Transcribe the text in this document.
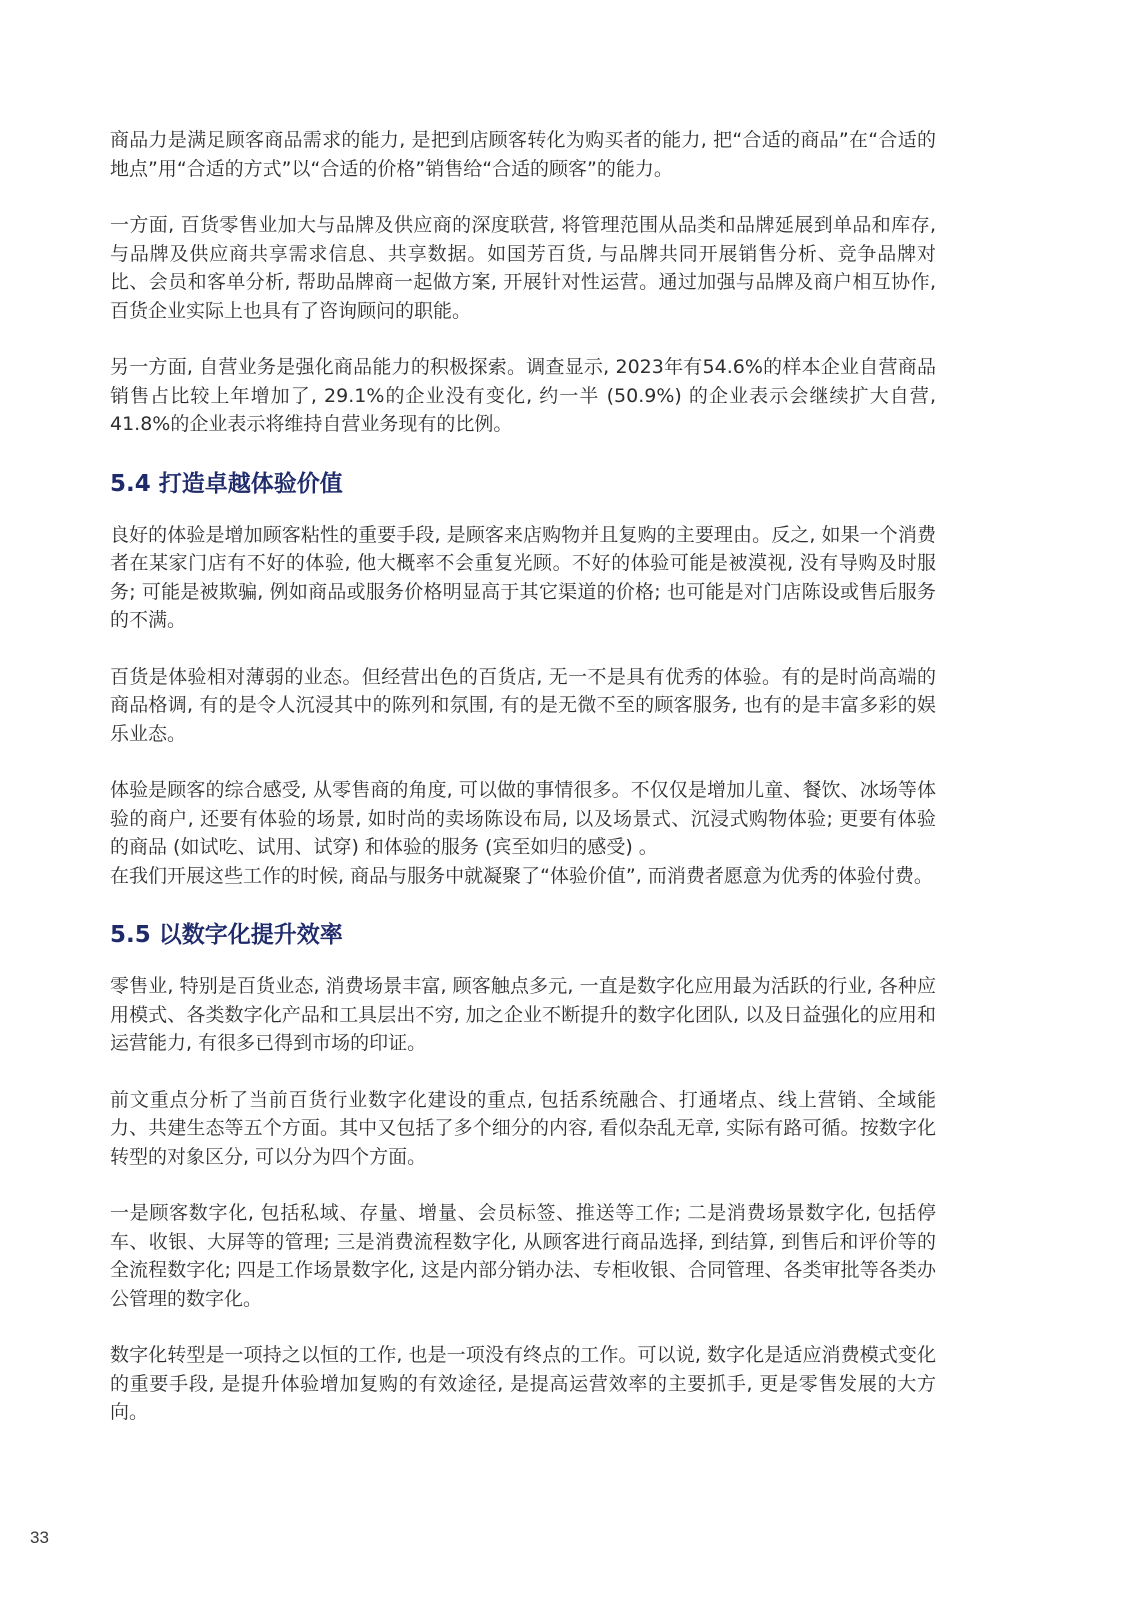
商品力是满足顾客商品需求的能力, 是把到店顾客转化为购买者的能力, 把“合适的商品”在“合适的地点”用“合适的方式”以“合适的价格”销售给“合适的顾客”的能力。

一方面, 百货零售业加大与品牌及供应商的深度联营, 将管理范围从品类和品牌延展到单品和库存, 与品牌及供应商共享需求信息、共享数据。如国芳百货, 与品牌共同开展销售分析、竞争品牌对比、会员和客单分析, 帮助品牌商一起做方案, 开展针对性运营。通过加强与品牌及商户相互协作, 百货企业实际上也具有了咨询顾问的职能。

另一方面, 自营业务是强化商品能力的积极探索。调查显示, 2023年有54.6%的样本企业自营商品销售占比较上年增加了, 29.1%的企业没有变化, 约一半 (50.9%) 的企业表示会继续扩大自营, 41.8%的企业表示将维持自营业务现有的比例。

5.4 打造卓越体验价值

良好的体验是增加顾客粘性的重要手段, 是顾客来店购物并且复购的主要理由。反之, 如果一个消费者在某家门店有不好的体验, 他大概率不会重复光顾。不好的体验可能是被漠视, 没有导购及时服务; 可能是被欺骗, 例如商品或服务价格明显高于其它渠道的价格; 也可能是对门店陈设或售后服务的不满。

百货是体验相对薄弱的业态。但经营出色的百货店, 无一不是具有优秀的体验。有的是时尚高端的商品格调, 有的是令人沉浸其中的陈列和氛围, 有的是无微不至的顾客服务, 也有的是丰富多彩的娱乐业态。

体验是顾客的综合感受, 从零售商的角度, 可以做的事情很多。不仅仅是增加儿童、餐饮、冰场等体验的商户, 还要有体验的场景, 如时尚的卖场陈设布局, 以及场景式、沉浸式购物体验; 更要有体验的商品 (如试吃、试用、试穿) 和体验的服务 (宾至如归的感受) 。

在我们开展这些工作的时候, 商品与服务中就凝聚了“体验价值”, 而消费者愿意为优秀的体验付费。

5.5 以数字化提升效率

零售业, 特别是百货业态, 消费场景丰富, 顾客触点多元, 一直是数字化应用最为活跃的行业, 各种应用模式、各类数字化产品和工具层出不穷, 加之企业不断提升的数字化团队, 以及日益强化的应用和运营能力, 有很多已得到市场的印证。

前文重点分析了当前百货行业数字化建设的重点, 包括系统融合、打通堵点、线上营销、全域能力、共建生态等五个方面。其中又包括了多个细分的内容, 看似杂乱无章, 实际有路可循。按数字化转型的对象区分, 可以分为四个方面。

一是顾客数字化, 包括私域、存量、增量、会员标签、推送等工作; 二是消费场景数字化, 包括停车、收银、大屏等的管理; 三是消费流程数字化, 从顾客进行商品选择, 到结算, 到售后和评价等的全流程数字化; 四是工作场景数字化, 这是内部分销办法、专柜收银、合同管理、各类审批等各类办公管理的数字化。

数字化转型是一项持之以恒的工作, 也是一项没有终点的工作。可以说, 数字化是适应消费模式变化的重要手段, 是提升体验增加复购的有效途径, 是提高运营效率的主要抓手, 更是零售发展的大方向。

33
